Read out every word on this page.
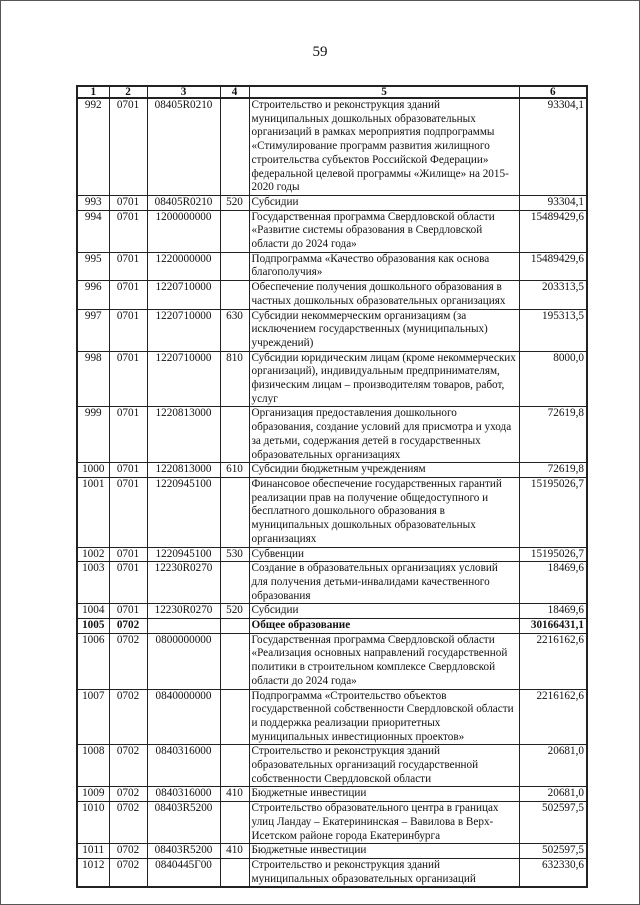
59
1	2	3	4	5	6
992	0701	08405R0210		Строительство и реконструкция зданий муниципальных дошкольных образовательных организаций в рамках мероприятия подпрограммы «Стимулирование программ развития жилищного строительства субъектов Российской Федерации» федеральной целевой программы «Жилище» на 2015-2020 годы	93304,1
993	0701	08405R0210	520	Субсидии	93304,1
994	0701	1200000000		Государственная программа Свердловской области «Развитие системы образования в Свердловской области до 2024 года»	15489429,6
995	0701	1220000000		Подпрограмма «Качество образования как основа благополучия»	15489429,6
996	0701	1220710000		Обеспечение получения дошкольного образования в частных дошкольных образовательных организациях	203313,5
997	0701	1220710000	630	Субсидии некоммерческим организациям (за исключением государственных (муниципальных) учреждений)	195313,5
998	0701	1220710000	810	Субсидии юридическим лицам (кроме некоммерческих организаций), индивидуальным предпринимателям, физическим лицам – производителям товаров, работ, услуг	8000,0
999	0701	1220813000		Организация предоставления дошкольного образования, создание условий для присмотра и ухода за детьми, содержания детей в государственных образовательных организациях	72619,8
1000	0701	1220813000	610	Субсидии бюджетным учреждениям	72619,8
1001	0701	1220945100		Финансовое обеспечение государственных гарантий реализации прав на получение общедоступного и бесплатного дошкольного образования в муниципальных дошкольных образовательных организациях	15195026,7
1002	0701	1220945100	530	Субвенции	15195026,7
1003	0701	12230R0270		Создание в образовательных организациях условий для получения детьми-инвалидами качественного образования	18469,6
1004	0701	12230R0270	520	Субсидии	18469,6
1005	0702			Общее образование	30166431,1
1006	0702	0800000000		Государственная программа Свердловской области «Реализация основных направлений государственной политики в строительном комплексе Свердловской области до 2024 года»	2216162,6
1007	0702	0840000000		Подпрограмма «Строительство объектов государственной собственности Свердловской области и поддержка реализации приоритетных муниципальных инвестиционных проектов»	2216162,6
1008	0702	0840316000		Строительство и реконструкция зданий образовательных организаций государственной собственности Свердловской области	20681,0
1009	0702	0840316000	410	Бюджетные инвестиции	20681,0
1010	0702	08403R5200		Строительство образовательного центра в границах улиц Ландау – Екатерининская – Вавилова в Верх-Исетском районе города Екатеринбурга	502597,5
1011	0702	08403R5200	410	Бюджетные инвестиции	502597,5
1012	0702	0840445Г00		Строительство и реконструкция зданий муниципальных образовательных организаций	632330,6
